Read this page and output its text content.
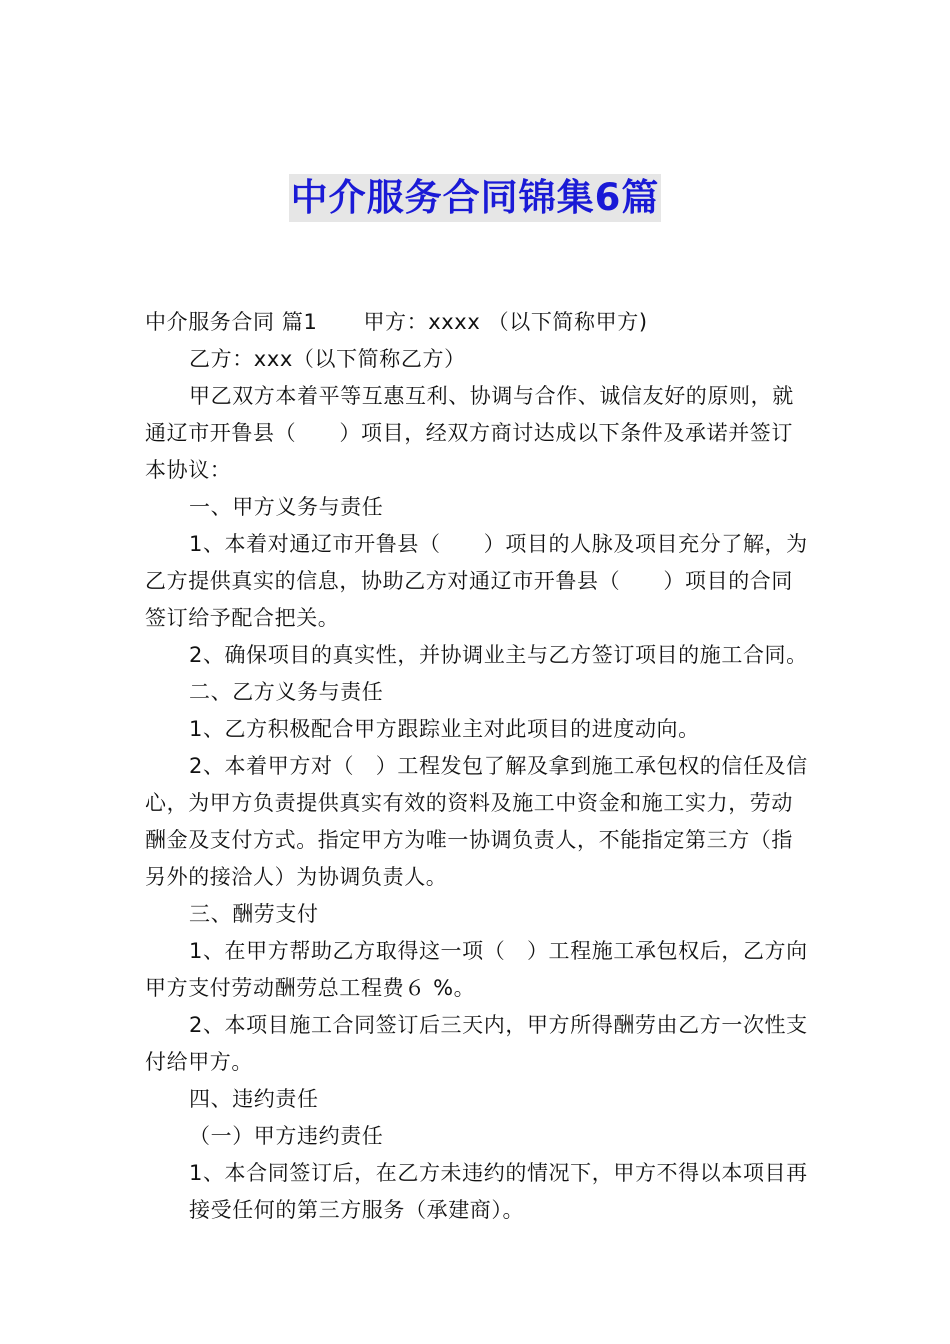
中介服务合同锦集6篇

中介服务合同 篇1 甲方：xxxx （以下简称甲方)

乙方：xxx（以下简称乙方）

甲乙双方本着平等互惠互利、协调与合作、诚信友好的原则，就通辽市开鲁县（　　）项目，经双方商讨达成以下条件及承诺并签订本协议：

一、甲方义务与责任

1、本着对通辽市开鲁县（　　）项目的人脉及项目充分了解，为乙方提供真实的信息，协助乙方对通辽市开鲁县（　　）项目的合同签订给予配合把关。

2、确保项目的真实性，并协调业主与乙方签订项目的施工合同。

二、乙方义务与责任

1、乙方积极配合甲方跟踪业主对此项目的进度动向。

2、本着甲方对（　）工程发包了解及拿到施工承包权的信任及信心，为甲方负责提供真实有效的资料及施工中资金和施工实力，劳动酬金及支付方式。指定甲方为唯一协调负责人，不能指定第三方（指另外的接洽人）为协调负责人。

三、酬劳支付

1、在甲方帮助乙方取得这一项（　）工程施工承包权后，乙方向甲方支付劳动酬劳总工程费６ %。

2、本项目施工合同签订后三天内，甲方所得酬劳由乙方一次性支付给甲方。

四、违约责任

（一）甲方违约责任

1、本合同签订后，在乙方未违约的情况下，甲方不得以本项目再接受任何的第三方服务（承建商）。
